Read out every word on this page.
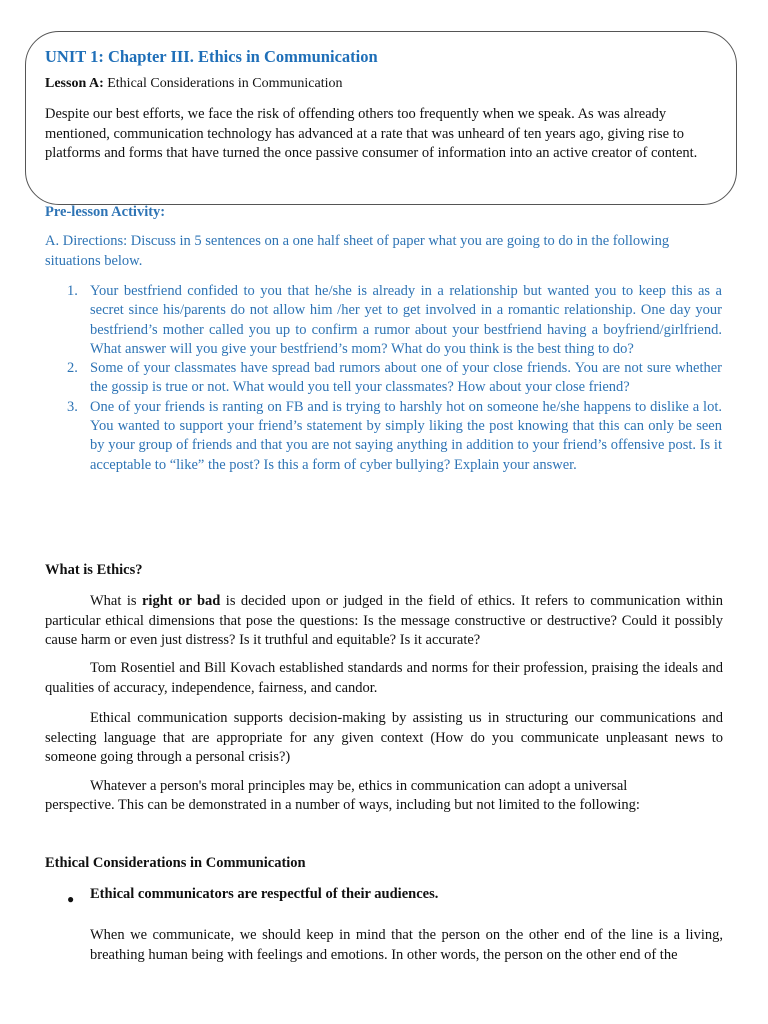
UNIT 1: Chapter III. Ethics in Communication
Lesson A: Ethical Considerations in Communication
Despite our best efforts, we face the risk of offending others too frequently when we speak. As was already mentioned, communication technology has advanced at a rate that was unheard of ten years ago, giving rise to platforms and forms that have turned the once passive consumer of information into an active creator of content.
Pre-lesson Activity:
A. Directions: Discuss in 5 sentences on a one half sheet of paper what you are going to do in the following situations below.
1. Your bestfriend confided to you that he/she is already in a relationship but wanted you to keep this as a secret since his/parents do not allow him /her yet to get involved in a romantic relationship. One day your bestfriend’s mother called you up to confirm a rumor about your bestfriend having a boyfriend/girlfriend. What answer will you give your bestfriend’s mom? What do you think is the best thing to do?
2. Some of your classmates have spread bad rumors about one of your close friends. You are not sure whether the gossip is true or not. What would you tell your classmates? How about your close friend?
3. One of your friends is ranting on FB and is trying to harshly hot on someone he/she happens to dislike a lot. You wanted to support your friend’s statement by simply liking the post knowing that this can only be seen by your group of friends and that you are not saying anything in addition to your friend’s offensive post. Is it acceptable to “like” the post? Is this a form of cyber bullying? Explain your answer.
What is Ethics?
What is right or bad is decided upon or judged in the field of ethics. It refers to communication within particular ethical dimensions that pose the questions: Is the message constructive or destructive? Could it possibly cause harm or even just distress? Is it truthful and equitable? Is it accurate?
Tom Rosentiel and Bill Kovach established standards and norms for their profession, praising the ideals and qualities of accuracy, independence, fairness, and candor.
Ethical communication supports decision-making by assisting us in structuring our communications and selecting language that are appropriate for any given context (How do you communicate unpleasant news to someone going through a personal crisis?)
Whatever a person's moral principles may be, ethics in communication can adopt a universal
perspective. This can be demonstrated in a number of ways, including but not limited to the following:
Ethical Considerations in Communication
● Ethical communicators are respectful of their audiences.
When we communicate, we should keep in mind that the person on the other end of the line is a living, breathing human being with feelings and emotions. In other words, the person on the other end of the
